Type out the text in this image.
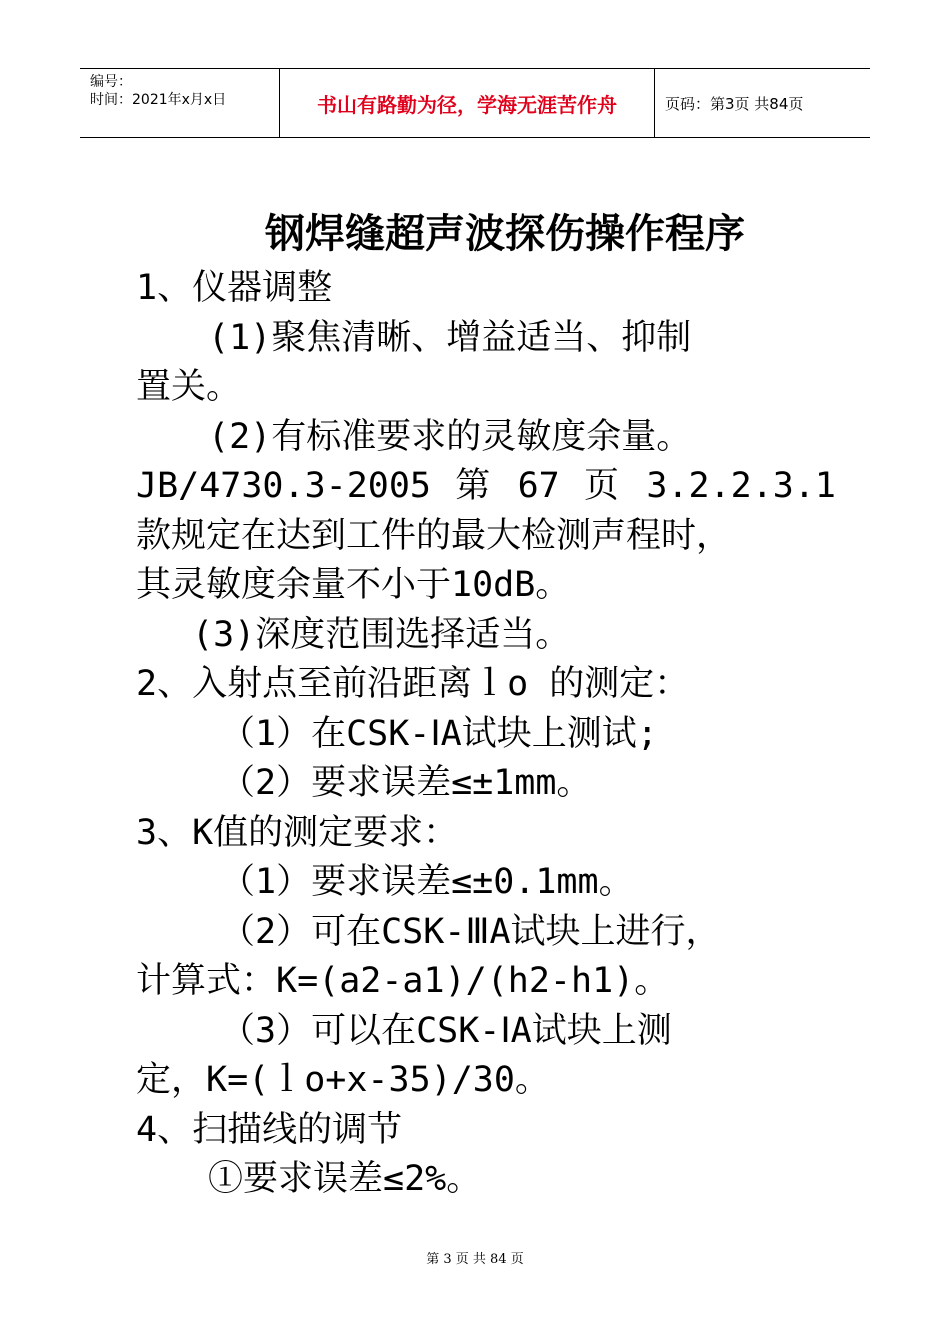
编号：
时间：2021年x月x日	书山有路勤为径，学海无涯苦作舟	页码：第3页 共84页
钢焊缝超声波探伤操作程序

1、仪器调整

(1)聚焦清晰、增益适当、抑制

置关。

(2)有标准要求的灵敏度余量。

JB/4730.3-2005 第 67 页 3.2.2.3.1

款规定在达到工件的最大检测声程时，

其灵敏度余量不小于10dB。

(3)深度范围选择适当。

2、入射点至前沿距离ｌo 的测定：

（1）在CSK-ⅠA试块上测试;

（2）要求误差≤±1mm。

3、K值的测定要求：

（1）要求误差≤±0.1mm。

（2）可在CSK-ⅢA试块上进行，

计算式：K=(a2-a1)/(h2-h1)。

（3）可以在CSK-ⅠA试块上测

定，K=(ｌo+x-35)/30。

4、扫描线的调节

①要求误差≤2%。

第 3 页 共 84 页
